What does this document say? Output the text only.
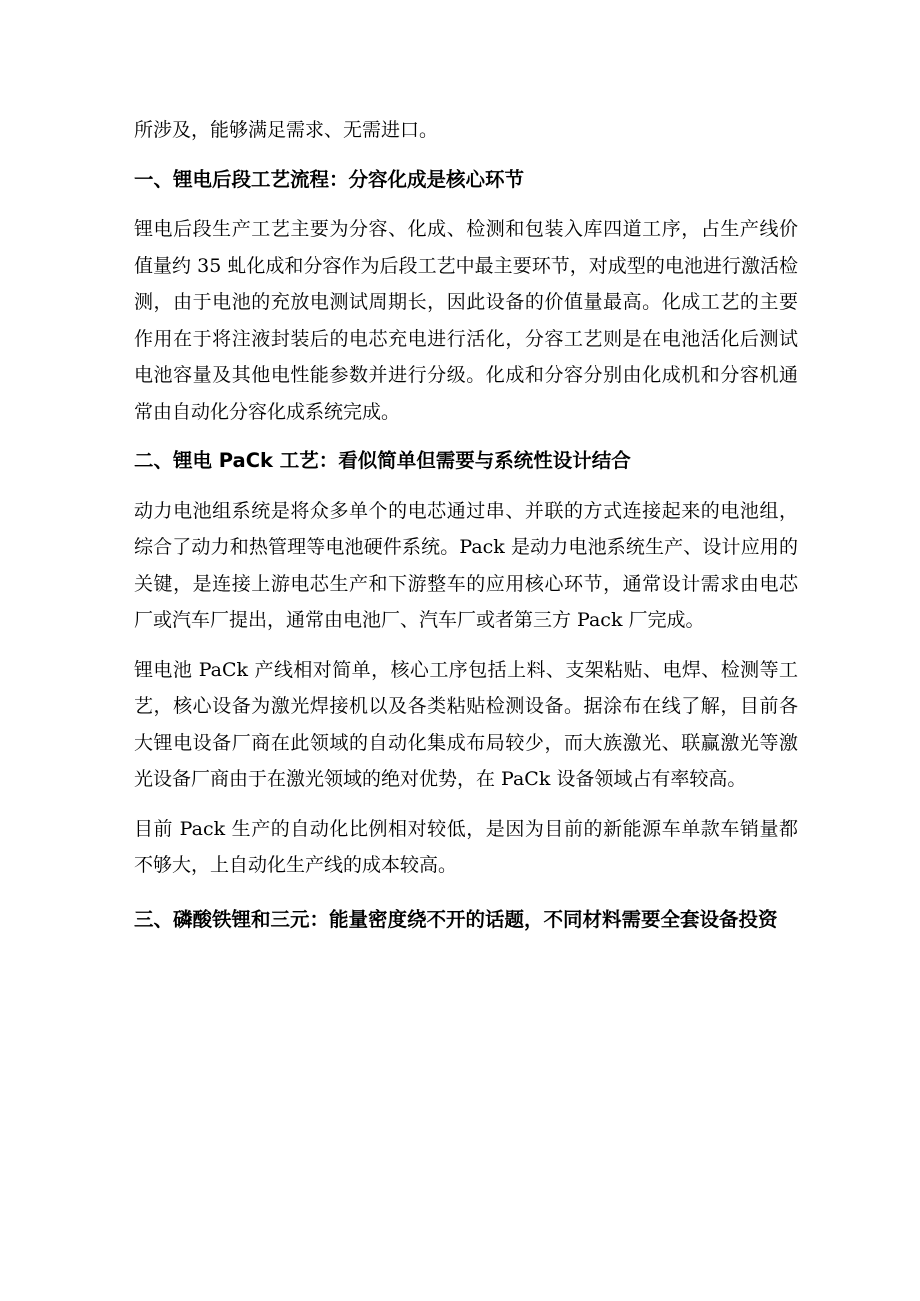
所涉及，能够满足需求、无需进口。

一、锂电后段工艺流程：分容化成是核心环节

锂电后段生产工艺主要为分容、化成、检测和包装入库四道工序，占生产线价值量约 35 虬化成和分容作为后段工艺中最主要环节，对成型的电池进行激活检测，由于电池的充放电测试周期长，因此设备的价值量最高。化成工艺的主要作用在于将注液封装后的电芯充电进行活化，分容工艺则是在电池活化后测试电池容量及其他电性能参数并进行分级。化成和分容分别由化成机和分容机通常由自动化分容化成系统完成。

二、锂电 PaCk 工艺：看似简单但需要与系统性设计结合

动力电池组系统是将众多单个的电芯通过串、并联的方式连接起来的电池组，综合了动力和热管理等电池硬件系统。Pack 是动力电池系统生产、设计应用的关键，是连接上游电芯生产和下游整车的应用核心环节，通常设计需求由电芯厂或汽车厂提出，通常由电池厂、汽车厂或者第三方 Pack 厂完成。

锂电池 PaCk 产线相对简单，核心工序包括上料、支架粘贴、电焊、检测等工艺，核心设备为激光焊接机以及各类粘贴检测设备。据涂布在线了解，目前各大锂电设备厂商在此领域的自动化集成布局较少，而大族激光、联赢激光等激光设备厂商由于在激光领域的绝对优势，在 PaCk 设备领域占有率较高。

目前 Pack 生产的自动化比例相对较低，是因为目前的新能源车单款车销量都不够大，上自动化生产线的成本较高。

三、磷酸铁锂和三元：能量密度绕不开的话题，不同材料需要全套设备投资
